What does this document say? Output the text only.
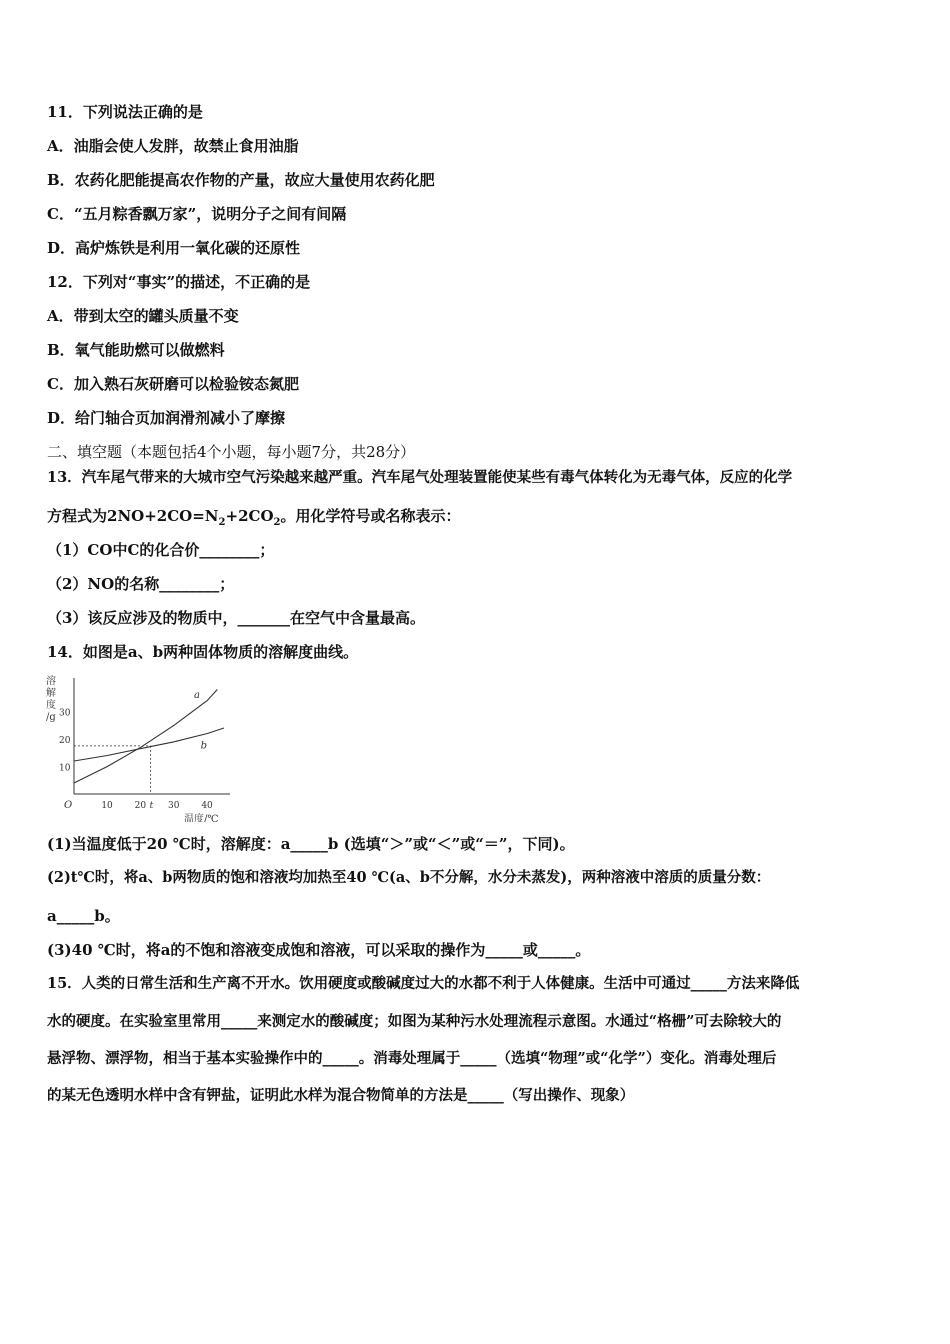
11．下列说法正确的是
A．油脂会使人发胖，故禁止食用油脂
B．农药化肥能提高农作物的产量，故应大量使用农药化肥
C．“五月粽香飘万家”，说明分子之间有间隔
D．高炉炼铁是利用一氧化碳的还原性
12．下列对“事实”的描述，不正确的是
A．带到太空的罐头质量不变
B．氧气能助燃可以做燃料
C．加入熟石灰研磨可以检验铵态氮肥
D．给门轴合页加润滑剂减小了摩擦
二、填空题（本题包括4个小题，每小题7分，共28分）
13．汽车尾气带来的大城市空气污染越来越严重。汽车尾气处理装置能使某些有毒气体转化为无毒气体，反应的化学
方程式为$2NO+2CO=N_2+2CO_2$。用化学符号或名称表示：
（1）CO中C的化合价________；
（2）NO的名称________；
（3）该反应涉及的物质中，_______在空气中含量最高。
14．如图是a、b两种固体物质的溶解度曲线。
O
溶
解
度
/g
10
20
30
10 20 t 30 40
温度/℃
a
b
(1)当温度低于20 ℃时，溶解度：a_____b (选填“＞”或“＜”或“＝”，下同)。
(2)t℃时，将a、b两物质的饱和溶液均加热至40 ℃(a、b不分解，水分未蒸发)，两种溶液中溶质的质量分数：
a_____b。
(3)40 ℃时，将a的不饱和溶液变成饱和溶液，可以采取的操作为_____或_____。
15．人类的日常生活和生产离不开水。饮用硬度或酸碱度过大的水都不利于人体健康。生活中可通过_____方法来降低
水的硬度。在实验室里常用_____来测定水的酸碱度；如图为某种污水处理流程示意图。水通过“格栅”可去除较大的
悬浮物、漂浮物，相当于基本实验操作中的_____。消毒处理属于_____（选填“物理”或“化学”）变化。消毒处理后
的某无色透明水样中含有钾盐，证明此水样为混合物简单的方法是_____（写出操作、现象）
